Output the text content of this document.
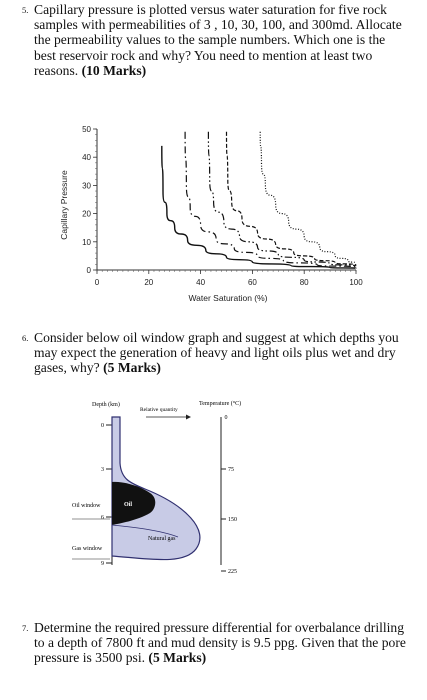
5. Capillary pressure is plotted versus water saturation for five rock samples with permeabilities of 3 , 10, 30, 100, and 300md. Allocate the permeability values to the sample numbers. Which one is the best reservoir rock and why? You need to mention at least two reasons. (10 Marks)
0
10
20
30
40
50
0	20	40	60	80	100
Water Saturation (%)
Capillary Pressure
6. Consider below oil window graph and suggest at which depths you may expect the generation of heavy and light oils plus wet and dry gases, why? (5 Marks)
0
3
6
9
0
75
150
225
Depth (km)
Relative quantity
Temperature (°C)
Oil
Natural gas
Oil window
Gas window
7. Determine the required pressure differential for overbalance drilling to a depth of 7800 ft and mud density is 9.5 ppg. Given that the pore pressure is 3500 psi. (5 Marks)
